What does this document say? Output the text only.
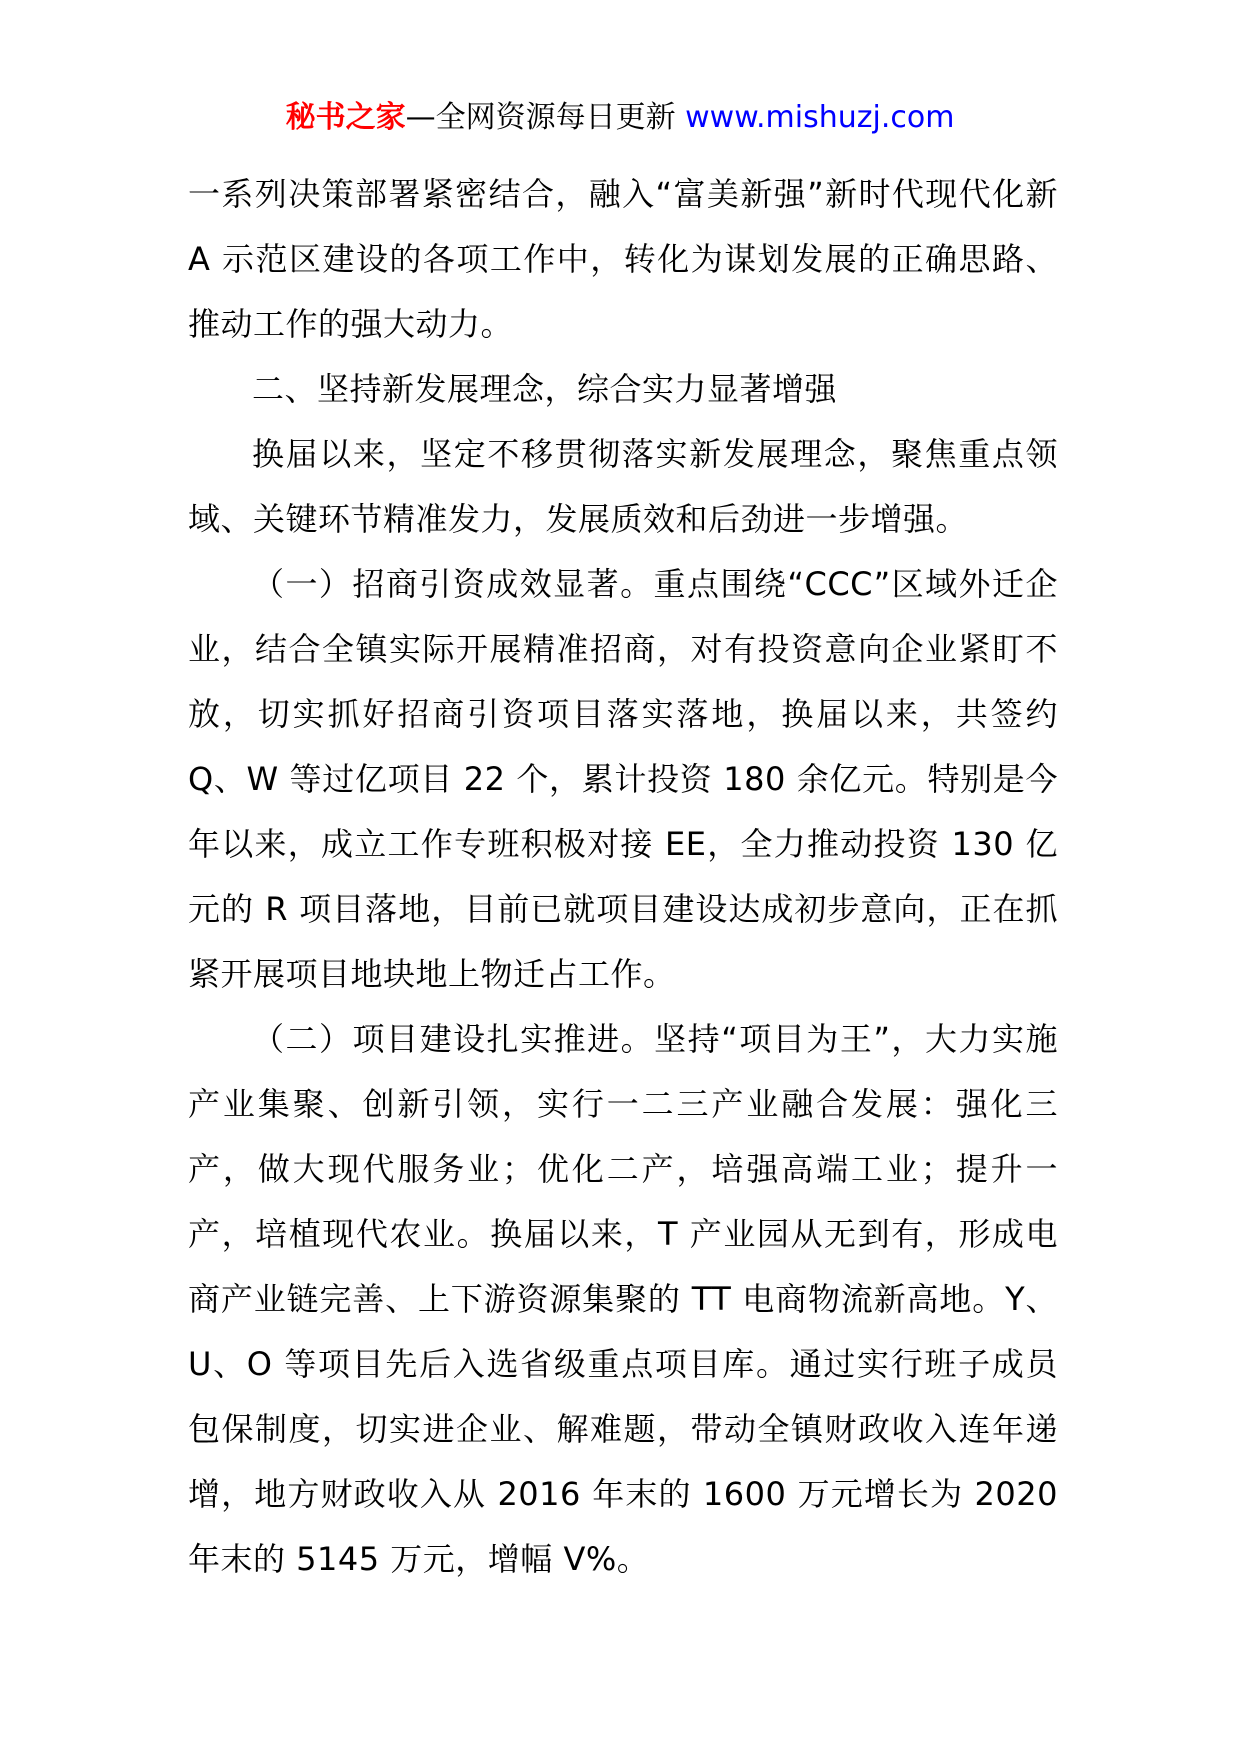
秘书之家—全网资源每日更新 www.mishuzj.com

一系列决策部署紧密结合，融入“富美新强”新时代现代化新 A 示范区建设的各项工作中，转化为谋划发展的正确思路、推动工作的强大动力。

二、坚持新发展理念，综合实力显著增强

换届以来，坚定不移贯彻落实新发展理念，聚焦重点领域、关键环节精准发力，发展质效和后劲进一步增强。

（一）招商引资成效显著。重点围绕“CCC”区域外迁企业，结合全镇实际开展精准招商，对有投资意向企业紧盯不放，切实抓好招商引资项目落实落地，换届以来，共签约 Q、W 等过亿项目 22 个，累计投资 180 余亿元。特别是今年以来，成立工作专班积极对接 EE，全力推动投资 130 亿元的 R 项目落地，目前已就项目建设达成初步意向，正在抓紧开展项目地块地上物迁占工作。

（二）项目建设扎实推进。坚持“项目为王”，大力实施产业集聚、创新引领，实行一二三产业融合发展：强化三产，做大现代服务业；优化二产，培强高端工业；提升一产，培植现代农业。换届以来，T 产业园从无到有，形成电商产业链完善、上下游资源集聚的 TT 电商物流新高地。Y、U、O 等项目先后入选省级重点项目库。通过实行班子成员包保制度，切实进企业、解难题，带动全镇财政收入连年递增，地方财政收入从 2016 年末的 1600 万元增长为 2020 年末的 5145 万元，增幅 V%。
